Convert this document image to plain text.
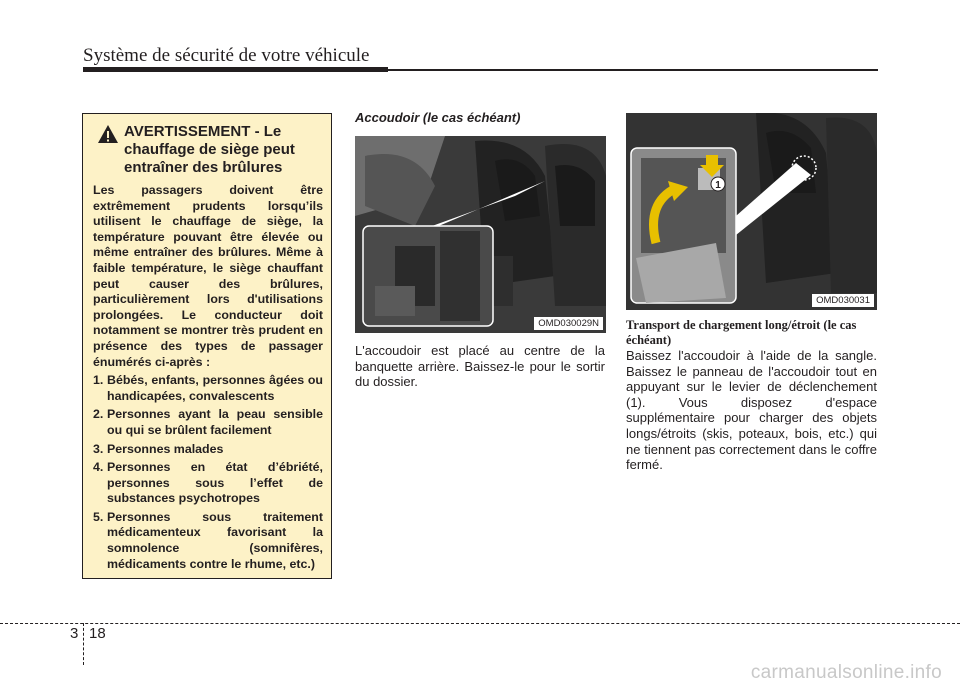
Système de sécurité de votre véhicule
AVERTISSEMENT - Le chauffage de siège peut entraîner des brûlures
Les passagers doivent être extrêmement prudents lorsqu’ils utilisent le chauffage de siège, la température pouvant être élevée ou même entraîner des brûlures. Même à faible température, le siège chauffant peut causer des brûlures, particulièrement lors d'utilisations prolongées. Le conducteur doit notamment se montrer très prudent en présence des types de passager énumérés ci-après :
1. Bébés, enfants, personnes âgées ou handicapées, convalescents
2. Personnes ayant la peau sensible ou qui se brûlent facilement
3. Personnes malades
4. Personnes en état d’ébriété, personnes sous l’effet de substances psychotropes
5. Personnes sous traitement médicamenteux favorisant la somnolence (somnifères, médicaments contre le rhume, etc.)
Accoudoir (le cas échéant)
OMD030029N
L'accoudoir est placé au centre de la banquette arrière. Baissez-le pour le sortir du dossier.
1
OMD030031
Transport de chargement long/étroit (le cas échéant)
Baissez l'accoudoir à l'aide de la sangle. Baissez le panneau de l'accoudoir tout en appuyant sur le levier de déclenchement (1). Vous disposez d'espace supplémentaire pour charger des objets longs/étroits (skis, poteaux, bois, etc.) qui ne tiennent pas correctement dans le coffre fermé.
3 18
carmanualsonline.info
